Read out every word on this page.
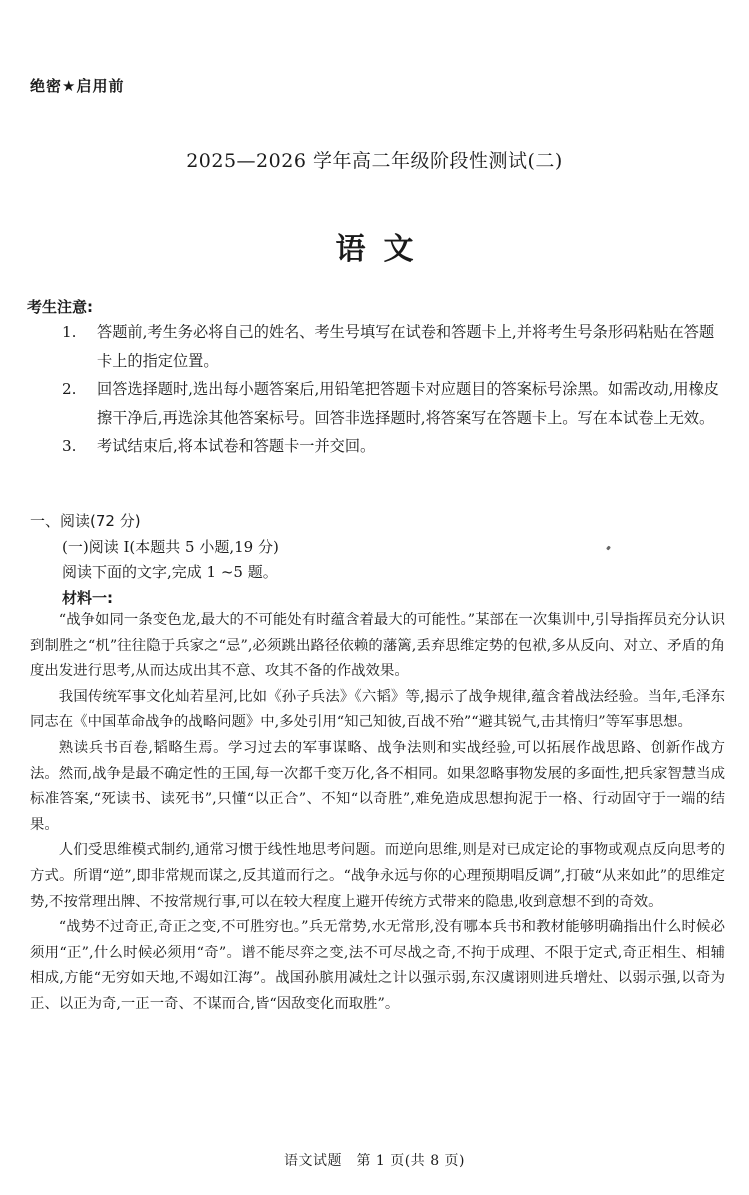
绝密★启用前
2025—2026 学年高二年级阶段性测试(二)
语文
考生注意:

1. 答题前,考生务必将自己的姓名、考生号填写在试卷和答题卡上,并将考生号条形码粘贴在答题卡上的指定位置。

2. 回答选择题时,选出每小题答案后,用铅笔把答题卡对应题目的答案标号涂黑。如需改动,用橡皮擦干净后,再选涂其他答案标号。回答非选择题时,将答案写在答题卡上。写在本试卷上无效。

3. 考试结束后,将本试卷和答题卡一并交回。

一、阅读(72 分)
(一)阅读 I(本题共 5 小题,19 分)
阅读下面的文字,完成 1 ~5 题。
材料一:

“战争如同一条变色龙,最大的不可能处有时蕴含着最大的可能性。”某部在一次集训中,引导指挥员充分认识到制胜之“机”往往隐于兵家之“忌”,必须跳出路径依赖的藩篱,丢弃思维定势的包袱,多从反向、对立、矛盾的角度出发进行思考,从而达成出其不意、攻其不备的作战效果。

我国传统军事文化灿若星河,比如《孙子兵法》《六韬》等,揭示了战争规律,蕴含着战法经验。当年,毛泽东同志在《中国革命战争的战略问题》中,多处引用“知己知彼,百战不殆”“避其锐气,击其惰归”等军事思想。

熟读兵书百卷,韬略生焉。学习过去的军事谋略、战争法则和实战经验,可以拓展作战思路、创新作战方法。然而,战争是最不确定性的王国,每一次都千变万化,各不相同。如果忽略事物发展的多面性,把兵家智慧当成标准答案,“死读书、读死书”,只懂“以正合”、不知“以奇胜”,难免造成思想拘泥于一格、行动固守于一端的结果。

人们受思维模式制约,通常习惯于线性地思考问题。而逆向思维,则是对已成定论的事物或观点反向思考的方式。所谓“逆”,即非常规而谋之,反其道而行之。“战争永远与你的心理预期唱反调”,打破“从来如此”的思维定势,不按常理出牌、不按常规行事,可以在较大程度上避开传统方式带来的隐患,收到意想不到的奇效。

“战势不过奇正,奇正之变,不可胜穷也。”兵无常势,水无常形,没有哪本兵书和教材能够明确指出什么时候必须用“正”,什么时候必须用“奇”。谱不能尽弈之变,法不可尽战之奇,不拘于成理、不限于定式,奇正相生、相辅相成,方能“无穷如天地,不竭如江海”。战国孙膑用减灶之计以强示弱,东汉虞诩则进兵增灶、以弱示强,以奇为正、以正为奇,一正一奇、不谋而合,皆“因敌变化而取胜”。

语文试题　第 1 页(共 8 页)
